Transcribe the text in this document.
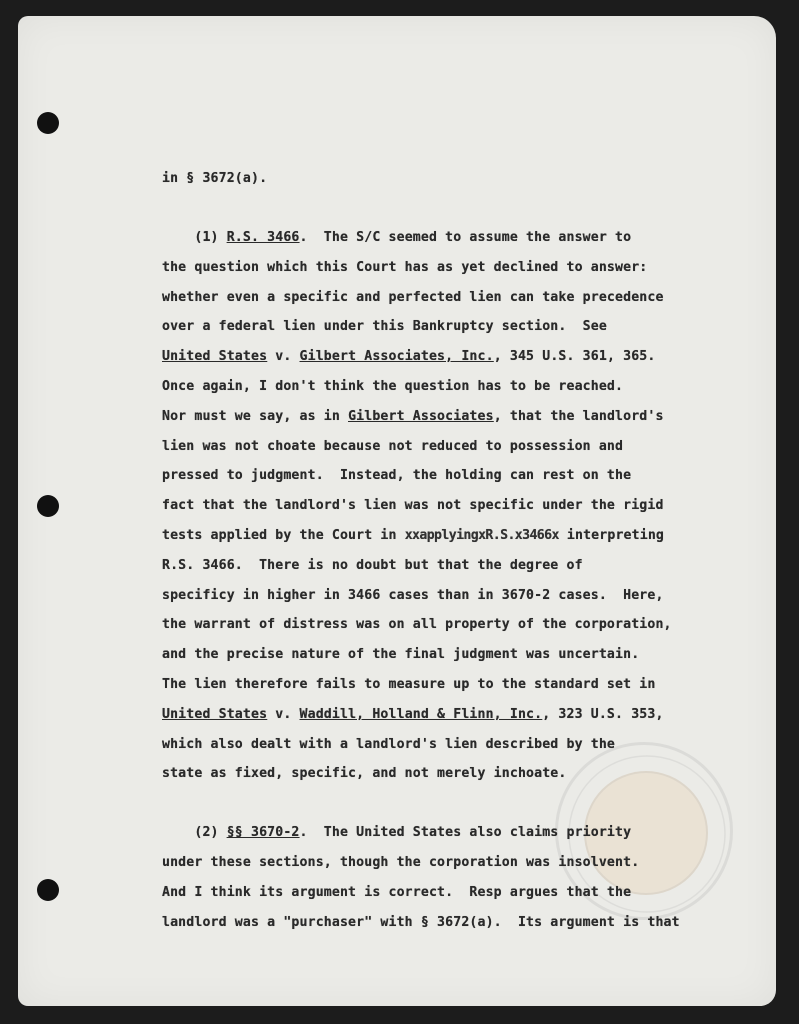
in § 3672(a).
(1) R.S. 3466.  The S/C seemed to assume the answer to
the question which this Court has as yet declined to answer:
whether even a specific and perfected lien can take precedence
over a federal lien under this Bankruptcy section.  See
United States v. Gilbert Associates, Inc., 345 U.S. 361, 365.
Once again, I don't think the question has to be reached.
Nor must we say, as in Gilbert Associates, that the landlord's
lien was not choate because not reduced to possession and
pressed to judgment.  Instead, the holding can rest on the
fact that the landlord's lien was not specific under the rigid
tests applied by the Court in xxapplyingxR.S.x3466x interpreting
R.S. 3466.  There is no doubt but that the degree of
specificy in higher in 3466 cases than in 3670-2 cases.  Here,
the warrant of distress was on all property of the corporation,
and the precise nature of the final judgment was uncertain.
The lien therefore fails to measure up to the standard set in
United States v. Waddill, Holland & Flinn, Inc., 323 U.S. 353,
which also dealt with a landlord's lien described by the
state as fixed, specific, and not merely inchoate.
(2) §§ 3670-2.  The United States also claims priority
under these sections, though the corporation was insolvent.
And I think its argument is correct.  Resp argues that the
landlord was a "purchaser" with § 3672(a).  Its argument is that
